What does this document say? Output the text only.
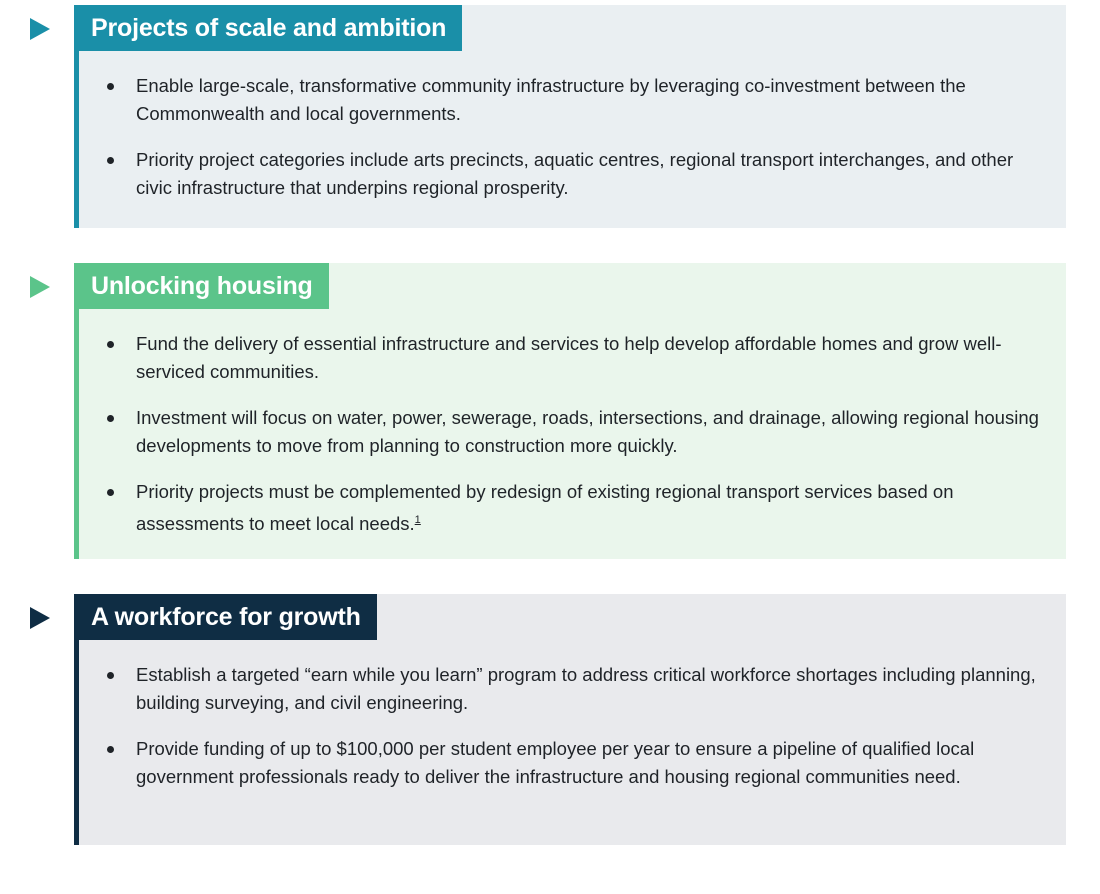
Projects of scale and ambition
Enable large-scale, transformative community infrastructure by leveraging co-investment between the Commonwealth and local governments.
Priority project categories include arts precincts, aquatic centres, regional transport interchanges, and other civic infrastructure that underpins regional prosperity.
Unlocking housing
Fund the delivery of essential infrastructure and services to help develop affordable homes and grow well-serviced communities.
Investment will focus on water, power, sewerage, roads, intersections, and drainage, allowing regional housing developments to move from planning to construction more quickly.
Priority projects must be complemented by redesign of existing regional transport services based on assessments to meet local needs.$^1$
A workforce for growth
Establish a targeted “earn while you learn” program to address critical workforce shortages including planning, building surveying, and civil engineering.
Provide funding of up to $100,000 per student employee per year to ensure a pipeline of qualified local government professionals ready to deliver the infrastructure and housing regional communities need.
